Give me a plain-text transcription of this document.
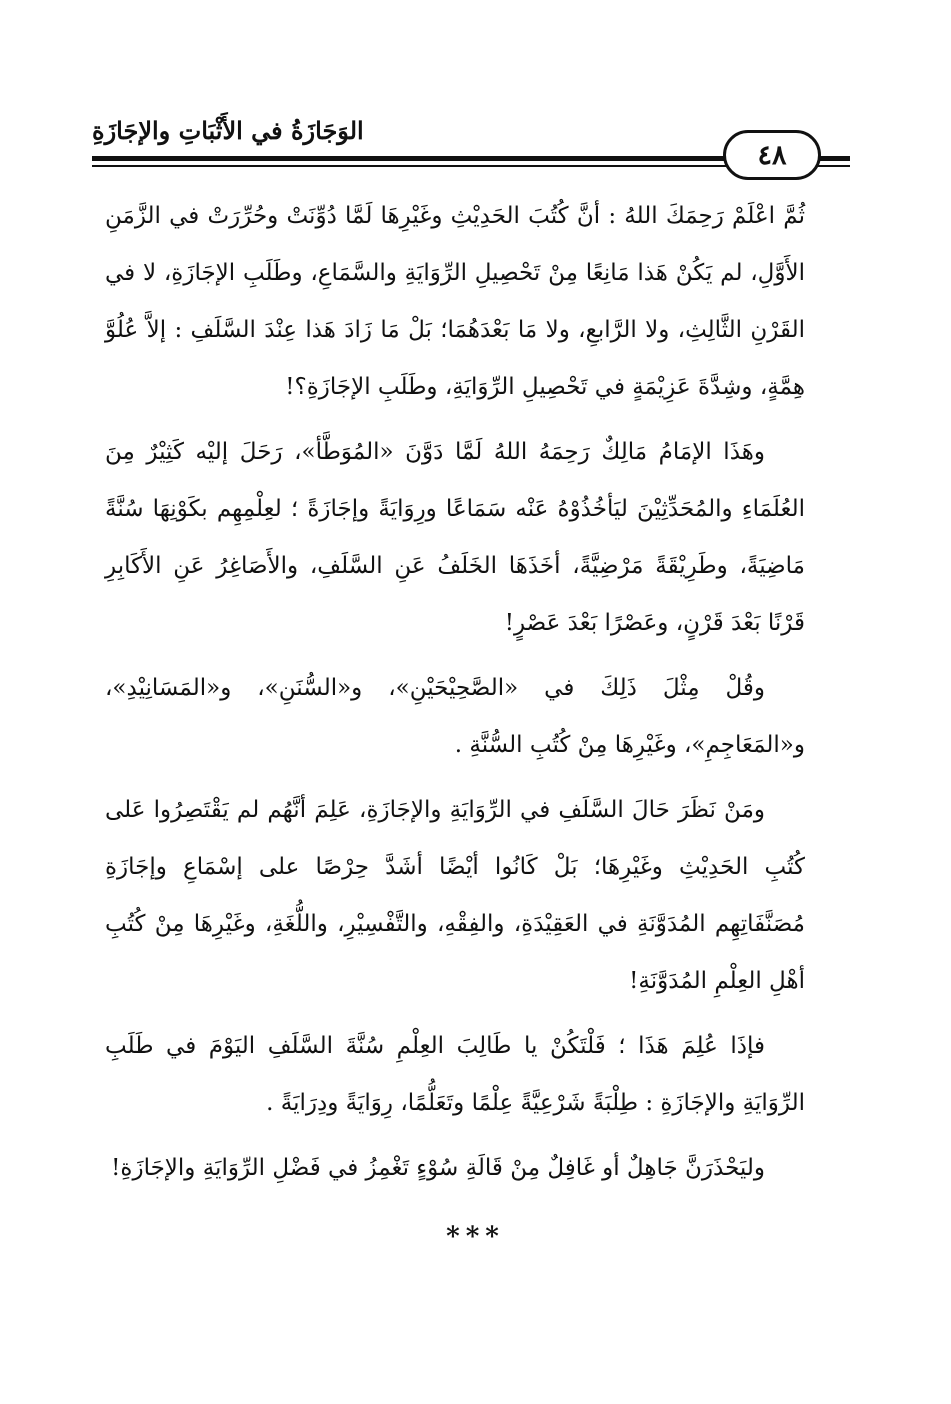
الوَجَازَةُ في الأَثْبَاتِ والإجَازَةِ
٤٨

ثُمَّ اعْلَمْ رَحِمَكَ اللهُ : أنَّ كُتُبَ الحَدِيْثِ وغَيْرِهَا لَمَّا دُوِّنَتْ وحُرِّرَتْ في الزَّمَنِ الأَوَّلِ، لم يَكُنْ هَذا مَانِعًا مِنْ تَحْصِيلِ الرِّوَايَةِ والسَّمَاعِ، وطَلَبِ الإجَازَةِ، لا في القَرْنِ الثَّالِثِ، ولا الرَّابعِ، ولا مَا بَعْدَهُمَا؛ بَلْ مَا زَادَ هَذا عِنْدَ السَّلَفِ : إلاَّ عُلُوَّ هِمَّةٍ، وشِدَّةَ عَزِيْمَةٍ في تَحْصِيلِ الرِّوَايَةِ، وطَلَبِ الإجَازَةِ؟!

وهَذَا الإمَامُ مَالِكٌ رَحِمَهُ اللهُ لَمَّا دَوَّنَ «المُوَطَّأ»، رَحَلَ إليْه كَثِيْرٌ مِنَ العُلَمَاءِ والمُحَدِّثِيْنَ ليَأخُذُوْهُ عَنْه سَمَاعًا ورِوَايَةً وإجَازَةً ؛ لعِلْمِهِم بكَوْنِهَا سُنَّةً مَاضِيَةً، وطَرِيْقَةً مَرْضِيَّةً، أخَذَهَا الخَلَفُ عَنِ السَّلَفِ، والأَصَاغِرُ عَنِ الأَكَابِرِ قَرْنًا بَعْدَ قَرْنٍ، وعَصْرًا بَعْدَ عَصْرٍ!

وقُلْ مِثْلَ ذَلِكَ في «الصَّحِيْحَيْنِ»، و«السُّنَنِ»، و«المَسَانِيْدِ»، و«المَعَاجِمِ»، وغَيْرِهَا مِنْ كُتُبِ السُّنَّةِ .

ومَنْ نَظَرَ حَالَ السَّلَفِ في الرِّوَايَةِ والإجَازَةِ، عَلِمَ أنَّهُم لم يَقْتَصِرُوا عَلى كُتُبِ الحَدِيْثِ وغَيْرِهَا؛ بَلْ كَانُوا أيْضًا أشَدَّ حِرْصًا على إسْمَاعِ وإجَازَةِ مُصَنَّفَاتِهِم المُدَوَّنَةِ في العَقِيْدَةِ، والفِقْهِ، والتَّفْسِيْرِ، واللُّغَةِ، وغَيْرِهَا مِنْ كُتُبِ أهْلِ العِلْمِ المُدَوَّنَةِ!

فإذَا عُلِمَ هَذَا ؛ فَلْتَكُنْ يا طَالِبَ العِلْمِ سُنَّةَ السَّلَفِ اليَوْمَ في طَلَبِ الرِّوَايَةِ والإجَازَةِ : طِلْبَةً شَرْعِيَّةً عِلْمًا وتَعَلُّمًا، رِوَايَةً ودِرَايَةً .

وليَحْذَرَنَّ جَاهِلٌ أو غَافِلٌ مِنْ قَالَةِ سُوْءٍ تَغْمِزُ في فَضْلِ الرِّوَايَةِ والإجَازَةِ!

***
